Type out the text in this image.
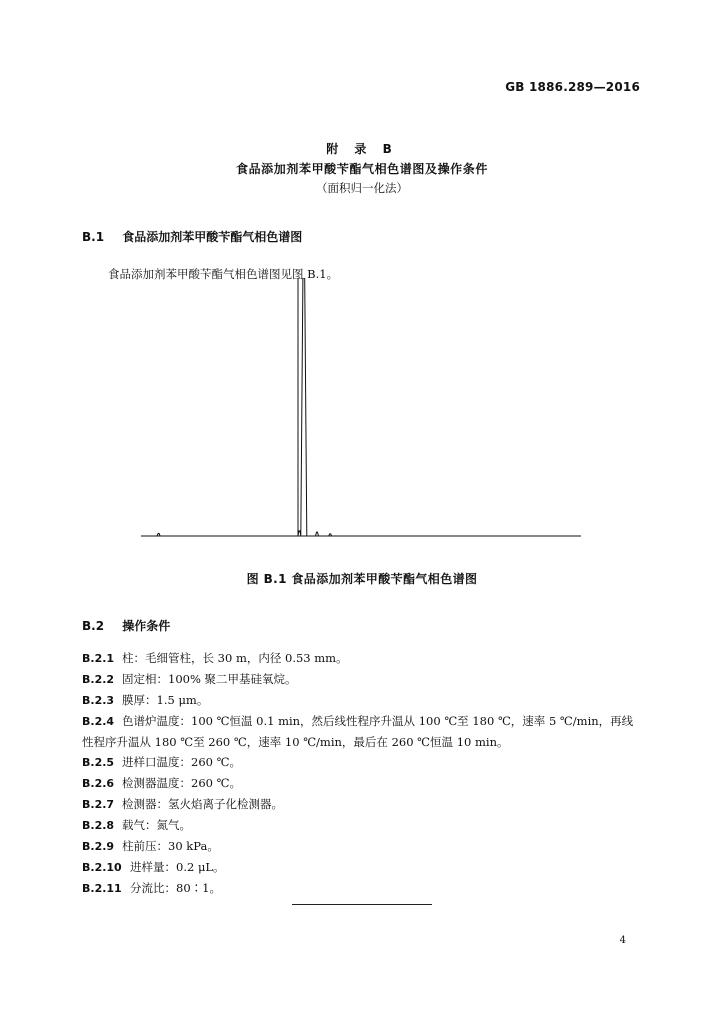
GB 1886.289—2016
附 录 B
食品添加剂苯甲酸苄酯气相色谱图及操作条件
（面积归一化法）
B.1 食品添加剂苯甲酸苄酯气相色谱图
食品添加剂苯甲酸苄酯气相色谱图见图 B.1。
图 B.1 食品添加剂苯甲酸苄酯气相色谱图
B.2 操作条件
B.2.1 柱：毛细管柱，长 30 m，内径 0.53 mm。
B.2.2 固定相：100% 聚二甲基硅氧烷。
B.2.3 膜厚：1.5 μm。
B.2.4 色谱炉温度：100 ℃恒温 0.1 min，然后线性程序升温从 100 ℃至 180 ℃，速率 5 ℃/min，再线性程序升温从 180 ℃至 260 ℃，速率 10 ℃/min，最后在 260 ℃恒温 10 min。
B.2.5 进样口温度：260 ℃。
B.2.6 检测器温度：260 ℃。
B.2.7 检测器：氢火焰离子化检测器。
B.2.8 载气：氮气。
B.2.9 柱前压：30 kPa。
B.2.10 进样量：0.2 μL。
B.2.11 分流比：80∶1。
4
